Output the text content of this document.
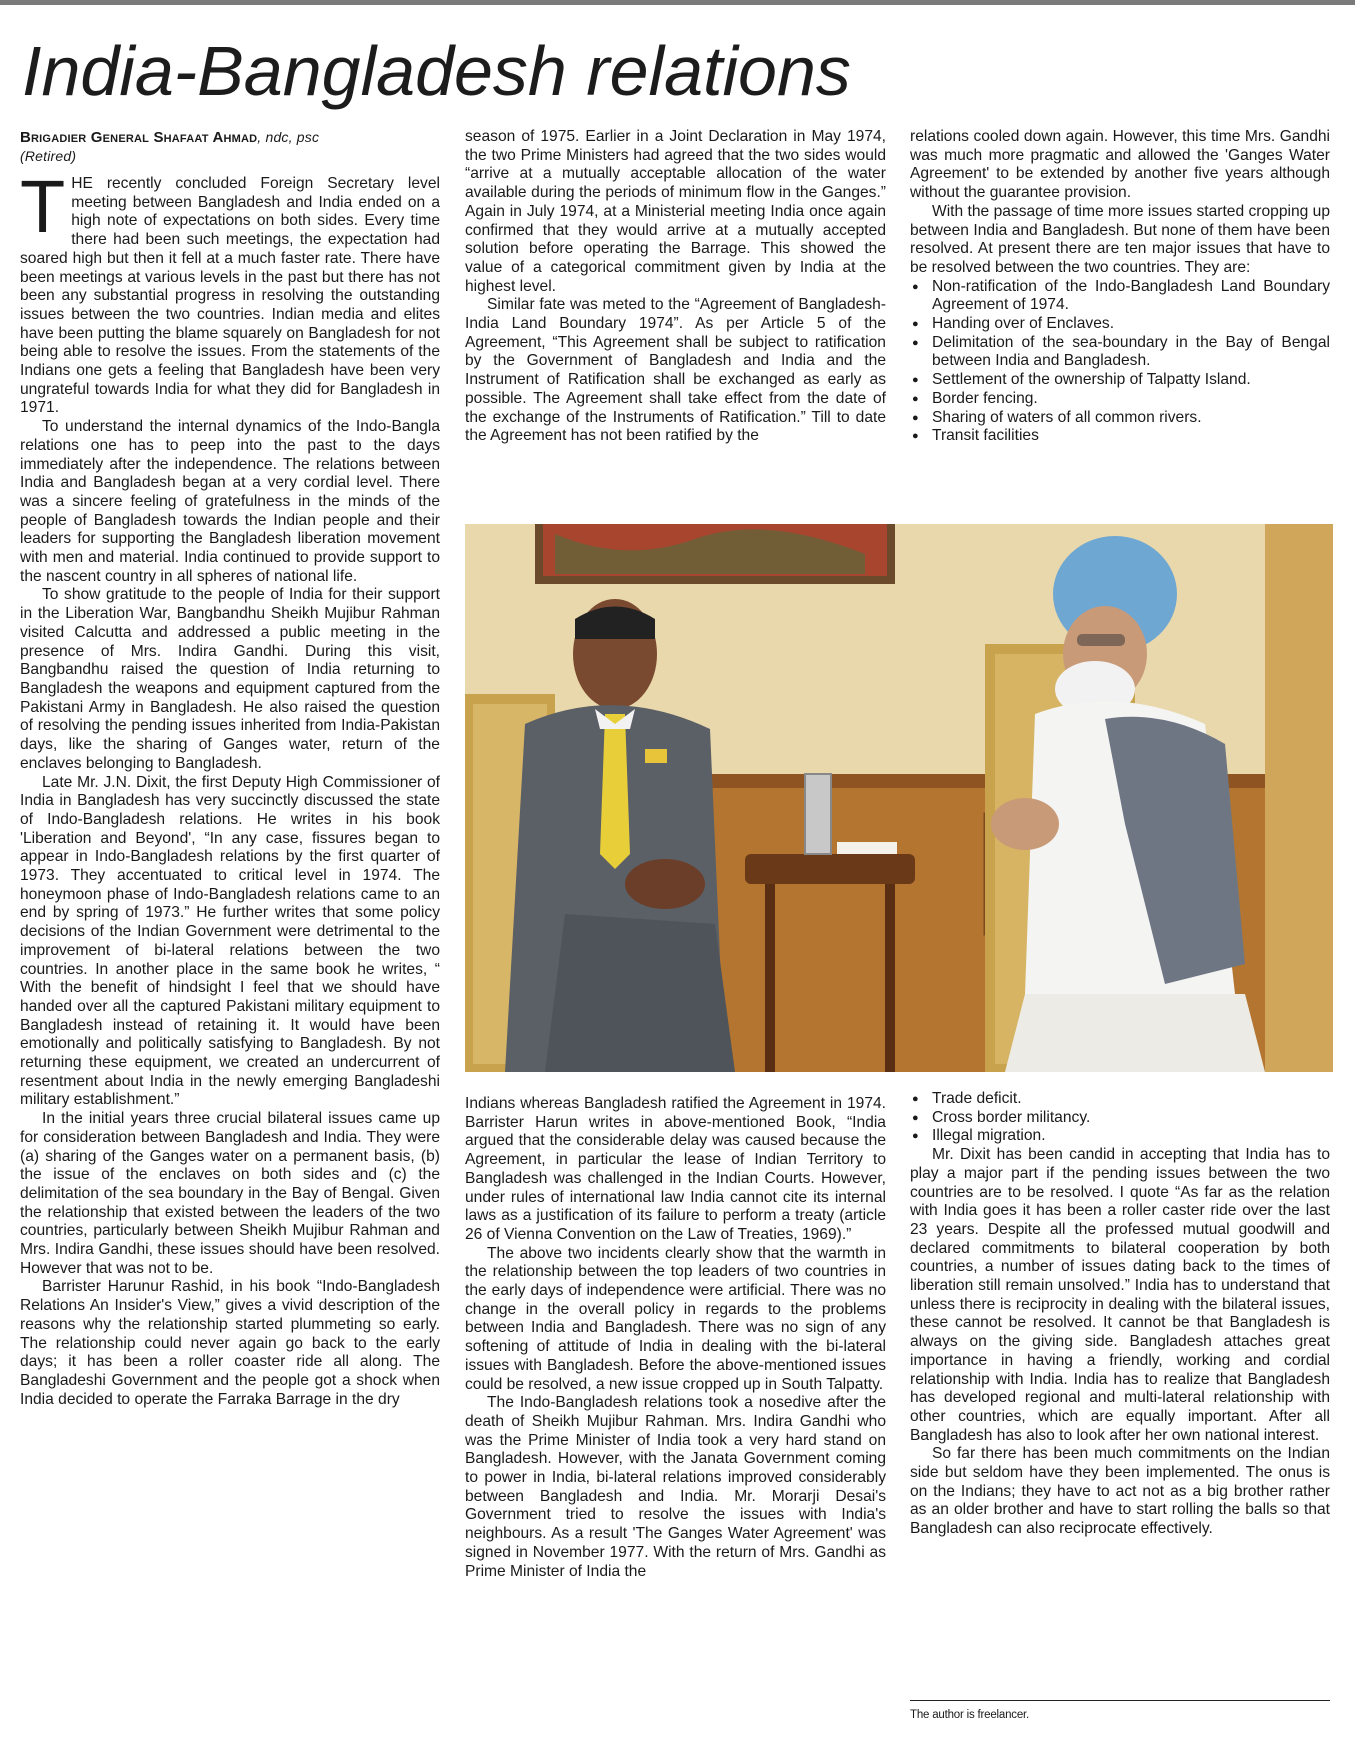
India-Bangladesh relations
Brigadier General Shafaat Ahmad, ndc, psc
(Retired)

THE recently concluded Foreign Secretary level meeting between Bangladesh and India ended on a high note of expectations on both sides. Every time there had been such meetings, the expectation had soared high but then it fell at a much faster rate. There have been meetings at various levels in the past but there has not been any substantial progress in resolving the outstanding issues between the two countries. Indian media and elites have been putting the blame squarely on Bangladesh for not being able to resolve the issues. From the statements of the Indians one gets a feeling that Bangladesh have been very ungrateful towards India for what they did for Bangladesh in 1971.

To understand the internal dynamics of the Indo-Bangla relations one has to peep into the past to the days immediately after the independence. The relations between India and Bangladesh began at a very cordial level. There was a sincere feeling of gratefulness in the minds of the people of Bangladesh towards the Indian people and their leaders for supporting the Bangladesh liberation movement with men and material. India continued to provide support to the nascent country in all spheres of national life.

To show gratitude to the people of India for their support in the Liberation War, Bangbandhu Sheikh Mujibur Rahman visited Calcutta and addressed a public meeting in the presence of Mrs. Indira Gandhi. During this visit, Bangbandhu raised the question of India returning to Bangladesh the weapons and equipment captured from the Pakistani Army in Bangladesh. He also raised the question of resolving the pending issues inherited from India-Pakistan days, like the sharing of Ganges water, return of the enclaves belonging to Bangladesh.

Late Mr. J.N. Dixit, the first Deputy High Commissioner of India in Bangladesh has very succinctly discussed the state of Indo-Bangladesh relations. He writes in his book 'Liberation and Beyond', “In any case, fissures began to appear in Indo-Bangladesh relations by the first quarter of 1973. They accentuated to critical level in 1974. The honeymoon phase of Indo-Bangladesh relations came to an end by spring of 1973.” He further writes that some policy decisions of the Indian Government were detrimental to the improvement of bi-lateral relations between the two countries. In another place in the same book he writes, “ With the benefit of hindsight I feel that we should have handed over all the captured Pakistani military equipment to Bangladesh instead of retaining it. It would have been emotionally and politically satisfying to Bangladesh. By not returning these equipment, we created an undercurrent of resentment about India in the newly emerging Bangladeshi military establishment.”

In the initial years three crucial bilateral issues came up for consideration between Bangladesh and India. They were (a) sharing of the Ganges water on a permanent basis, (b) the issue of the enclaves on both sides and (c) the delimitation of the sea boundary in the Bay of Bengal. Given the relationship that existed between the leaders of the two countries, particularly between Sheikh Mujibur Rahman and Mrs. Indira Gandhi, these issues should have been resolved. However that was not to be.

Barrister Harunur Rashid, in his book “Indo-Bangladesh Relations An Insider's View,” gives a vivid description of the reasons why the relationship started plummeting so early. The relationship could never again go back to the early days; it has been a roller coaster ride all along. The Bangladeshi Government and the people got a shock when India decided to operate the Farraka Barrage in the dry

season of 1975. Earlier in a Joint Declaration in May 1974, the two Prime Ministers had agreed that the two sides would “arrive at a mutually acceptable allocation of the water available during the periods of minimum flow in the Ganges.” Again in July 1974, at a Ministerial meeting India once again confirmed that they would arrive at a mutually accepted solution before operating the Barrage. This showed the value of a categorical commitment given by India at the highest level.

Similar fate was meted to the “Agreement of Bangladesh-India Land Boundary 1974”. As per Article 5 of the Agreement, “This Agreement shall be subject to ratification by the Government of Bangladesh and India and the Instrument of Ratification shall be exchanged as early as possible. The Agreement shall take effect from the date of the exchange of the Instruments of Ratification.” Till to date the Agreement has not been ratified by the

relations cooled down again. However, this time Mrs. Gandhi was much more pragmatic and allowed the 'Ganges Water Agreement' to be extended by another five years although without the guarantee provision.

With the passage of time more issues started cropping up between India and Bangladesh. But none of them have been resolved. At present there are ten major issues that have to be resolved between the two countries. They are:

● Non-ratification of the Indo-Bangladesh Land Boundary Agreement of 1974.
● Handing over of Enclaves.
● Delimitation of the sea-boundary in the Bay of Bengal between India and Bangladesh.
● Settlement of the ownership of Talpatty Island.
● Border fencing.
● Sharing of waters of all common rivers.
● Transit facilities

Indians whereas Bangladesh ratified the Agreement in 1974. Barrister Harun writes in above-mentioned Book, “India argued that the considerable delay was caused because the Agreement, in particular the lease of Indian Territory to Bangladesh was challenged in the Indian Courts. However, under rules of international law India cannot cite its internal laws as a justification of its failure to perform a treaty (article 26 of Vienna Convention on the Law of Treaties, 1969).”

The above two incidents clearly show that the warmth in the relationship between the top leaders of two countries in the early days of independence were artificial. There was no change in the overall policy in regards to the problems between India and Bangladesh. There was no sign of any softening of attitude of India in dealing with the bi-lateral issues with Bangladesh. Before the above-mentioned issues could be resolved, a new issue cropped up in South Talpatty.

The Indo-Bangladesh relations took a nosedive after the death of Sheikh Mujibur Rahman. Mrs. Indira Gandhi who was the Prime Minister of India took a very hard stand on Bangladesh. However, with the Janata Government coming to power in India, bi-lateral relations improved considerably between Bangladesh and India. Mr. Morarji Desai's Government tried to resolve the issues with India's neighbours. As a result 'The Ganges Water Agreement' was signed in November 1977. With the return of Mrs. Gandhi as Prime Minister of India the

● Trade deficit.
● Cross border militancy.
● Illegal migration.

Mr. Dixit has been candid in accepting that India has to play a major part if the pending issues between the two countries are to be resolved. I quote “As far as the relation with India goes it has been a roller caster ride over the last 23 years. Despite all the professed mutual goodwill and declared commitments to bilateral cooperation by both countries, a number of issues dating back to the times of liberation still remain unsolved.” India has to understand that unless there is reciprocity in dealing with the bilateral issues, these cannot be resolved. It cannot be that Bangladesh is always on the giving side. Bangladesh attaches great importance in having a friendly, working and cordial relationship with India. India has to realize that Bangladesh has developed regional and multi-lateral relationship with other countries, which are equally important. After all Bangladesh has also to look after her own national interest.

So far there has been much commitments on the Indian side but seldom have they been implemented. The onus is on the Indians; they have to act not as a big brother rather as an older brother and have to start rolling the balls so that Bangladesh can also reciprocate effectively.

The author is freelancer.
